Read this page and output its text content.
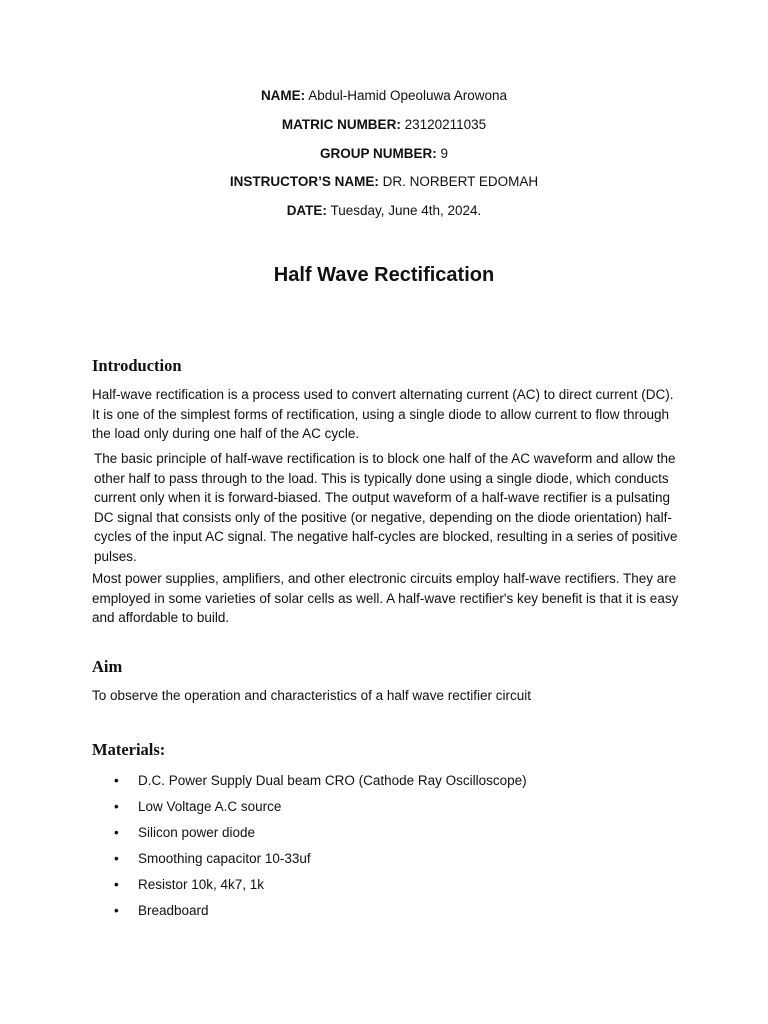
NAME: Abdul-Hamid Opeoluwa Arowona
MATRIC NUMBER: 23120211035
GROUP NUMBER: 9
INSTRUCTOR’S NAME: DR. NORBERT EDOMAH
DATE: Tuesday, June 4th, 2024.
Half Wave Rectification
Introduction

Half-wave rectification is a process used to convert alternating current (AC) to direct current (DC). It is one of the simplest forms of rectification, using a single diode to allow current to flow through the load only during one half of the AC cycle.

The basic principle of half-wave rectification is to block one half of the AC waveform and allow the other half to pass through to the load. This is typically done using a single diode, which conducts current only when it is forward-biased. The output waveform of a half-wave rectifier is a pulsating DC signal that consists only of the positive (or negative, depending on the diode orientation) half-cycles of the input AC signal. The negative half-cycles are blocked, resulting in a series of positive pulses.

Most power supplies, amplifiers, and other electronic circuits employ half-wave rectifiers. They are employed in some varieties of solar cells as well. A half-wave rectifier's key benefit is that it is easy and affordable to build.

Aim

To observe the operation and characteristics of a half wave rectifier circuit

Materials:
• D.C. Power Supply Dual beam CRO (Cathode Ray Oscilloscope)
• Low Voltage A.C source
• Silicon power diode
• Smoothing capacitor 10-33uf
• Resistor 10k, 4k7, 1k
• Breadboard
